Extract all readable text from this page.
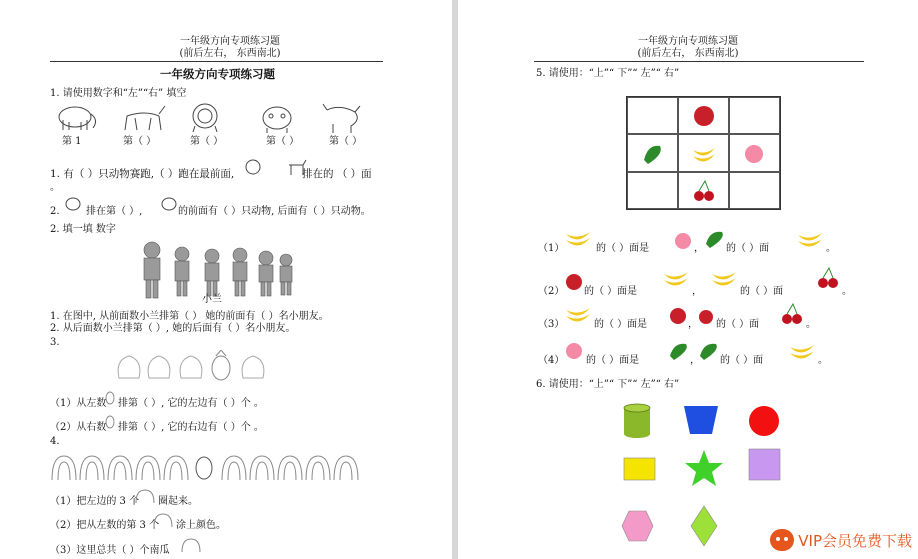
一年级方向专项练习题
(前后左右， 东西南北)
一年级方向专项练习题
1. 请使用数字和“左”“右” 填空
第 1	第（ ）	第（ ）	第（ ）	第（ ）
1. 有（ ）只动物赛跑,（ ）跑在最前面,	排在的 （ ）面
。
2.	排在第（ ）,	的前面有（ ）只动物, 后面有（ ）只动物。
2. 填一填 数字
小兰
1. 在图中, 从前面数小兰排第（ ） 她的前面有（ ）名小朋友。
2. 从后面数小兰排第（ ）, 她的后面有（ ）名小朋友。
3.
（1）从左数 排第（ ）, 它的左边有（ ）个 。
（2）从右数 排第（ ）, 它的右边有（ ）个 。
4.
（1）把左边的 3 个 圈起来。
（2）把从左数的第 3 个 涂上颜色。
（3）这里总共（ ）个南瓜
一年级方向专项练习题
(前后左右， 东西南北)
5. 请使用：“上”“ 下”“ 左”“ 右”
（1）	的（ ）面是	， 的（ ）面	。
（2） 的（ ）面是	，	的（ ）面	。
（3）	的（ ）面是	， 的（ ）面	。
（4） 的（ ）面是	， 的（ ）面	。
6. 请使用：“上”“ 下”“ 左”“ 右”
VIP会员免费下载
